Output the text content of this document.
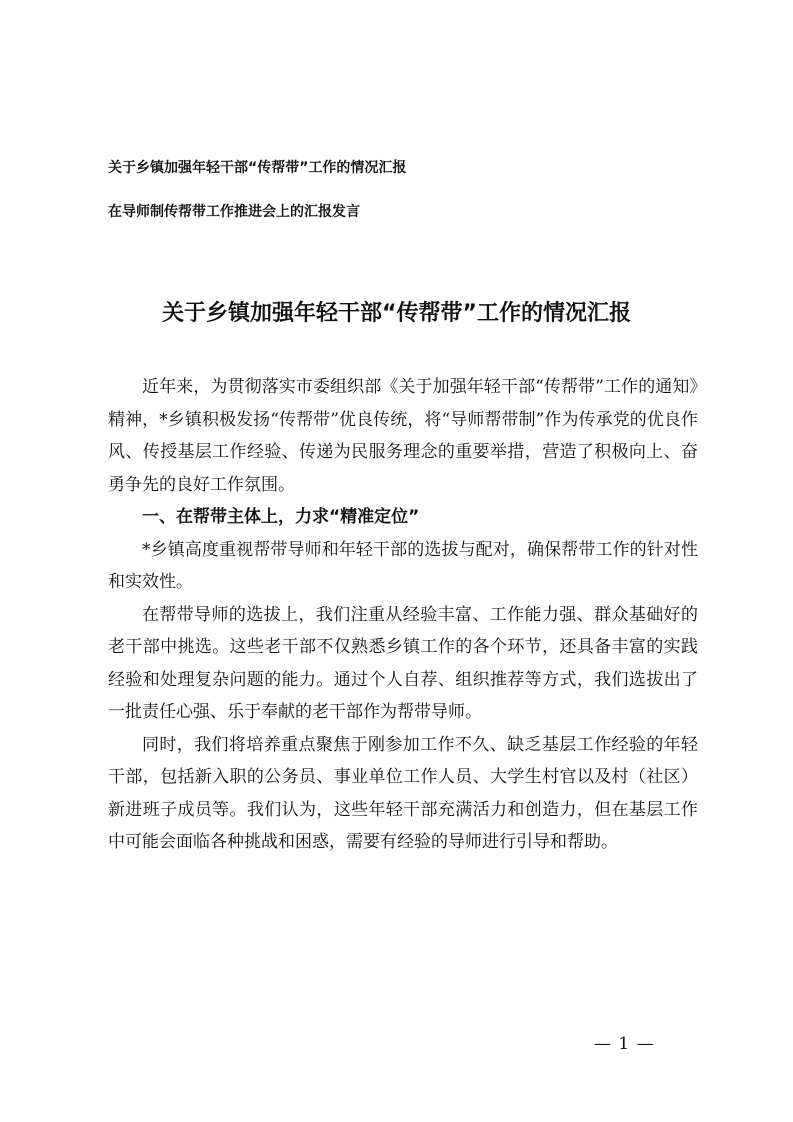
关于乡镇加强年轻干部“传帮带”工作的情况汇报
在导师制传帮带工作推进会上的汇报发言
关于乡镇加强年轻干部“传帮带”工作的情况汇报

近年来，为贯彻落实市委组织部《关于加强年轻干部“传帮带”工作的通知》精神，*乡镇积极发扬“传帮带”优良传统，将“导师帮带制”作为传承党的优良作风、传授基层工作经验、传递为民服务理念的重要举措，营造了积极向上、奋勇争先的良好工作氛围。

一、在帮带主体上，力求“精准定位”

*乡镇高度重视帮带导师和年轻干部的选拔与配对，确保帮带工作的针对性和实效性。

在帮带导师的选拔上，我们注重从经验丰富、工作能力强、群众基础好的老干部中挑选。这些老干部不仅熟悉乡镇工作的各个环节，还具备丰富的实践经验和处理复杂问题的能力。通过个人自荐、组织推荐等方式，我们选拔出了一批责任心强、乐于奉献的老干部作为帮带导师。

同时，我们将培养重点聚焦于刚参加工作不久、缺乏基层工作经验的年轻干部，包括新入职的公务员、事业单位工作人员、大学生村官以及村（社区）新进班子成员等。我们认为，这些年轻干部充满活力和创造力，但在基层工作中可能会面临各种挑战和困惑，需要有经验的导师进行引导和帮助。

— 1 —
